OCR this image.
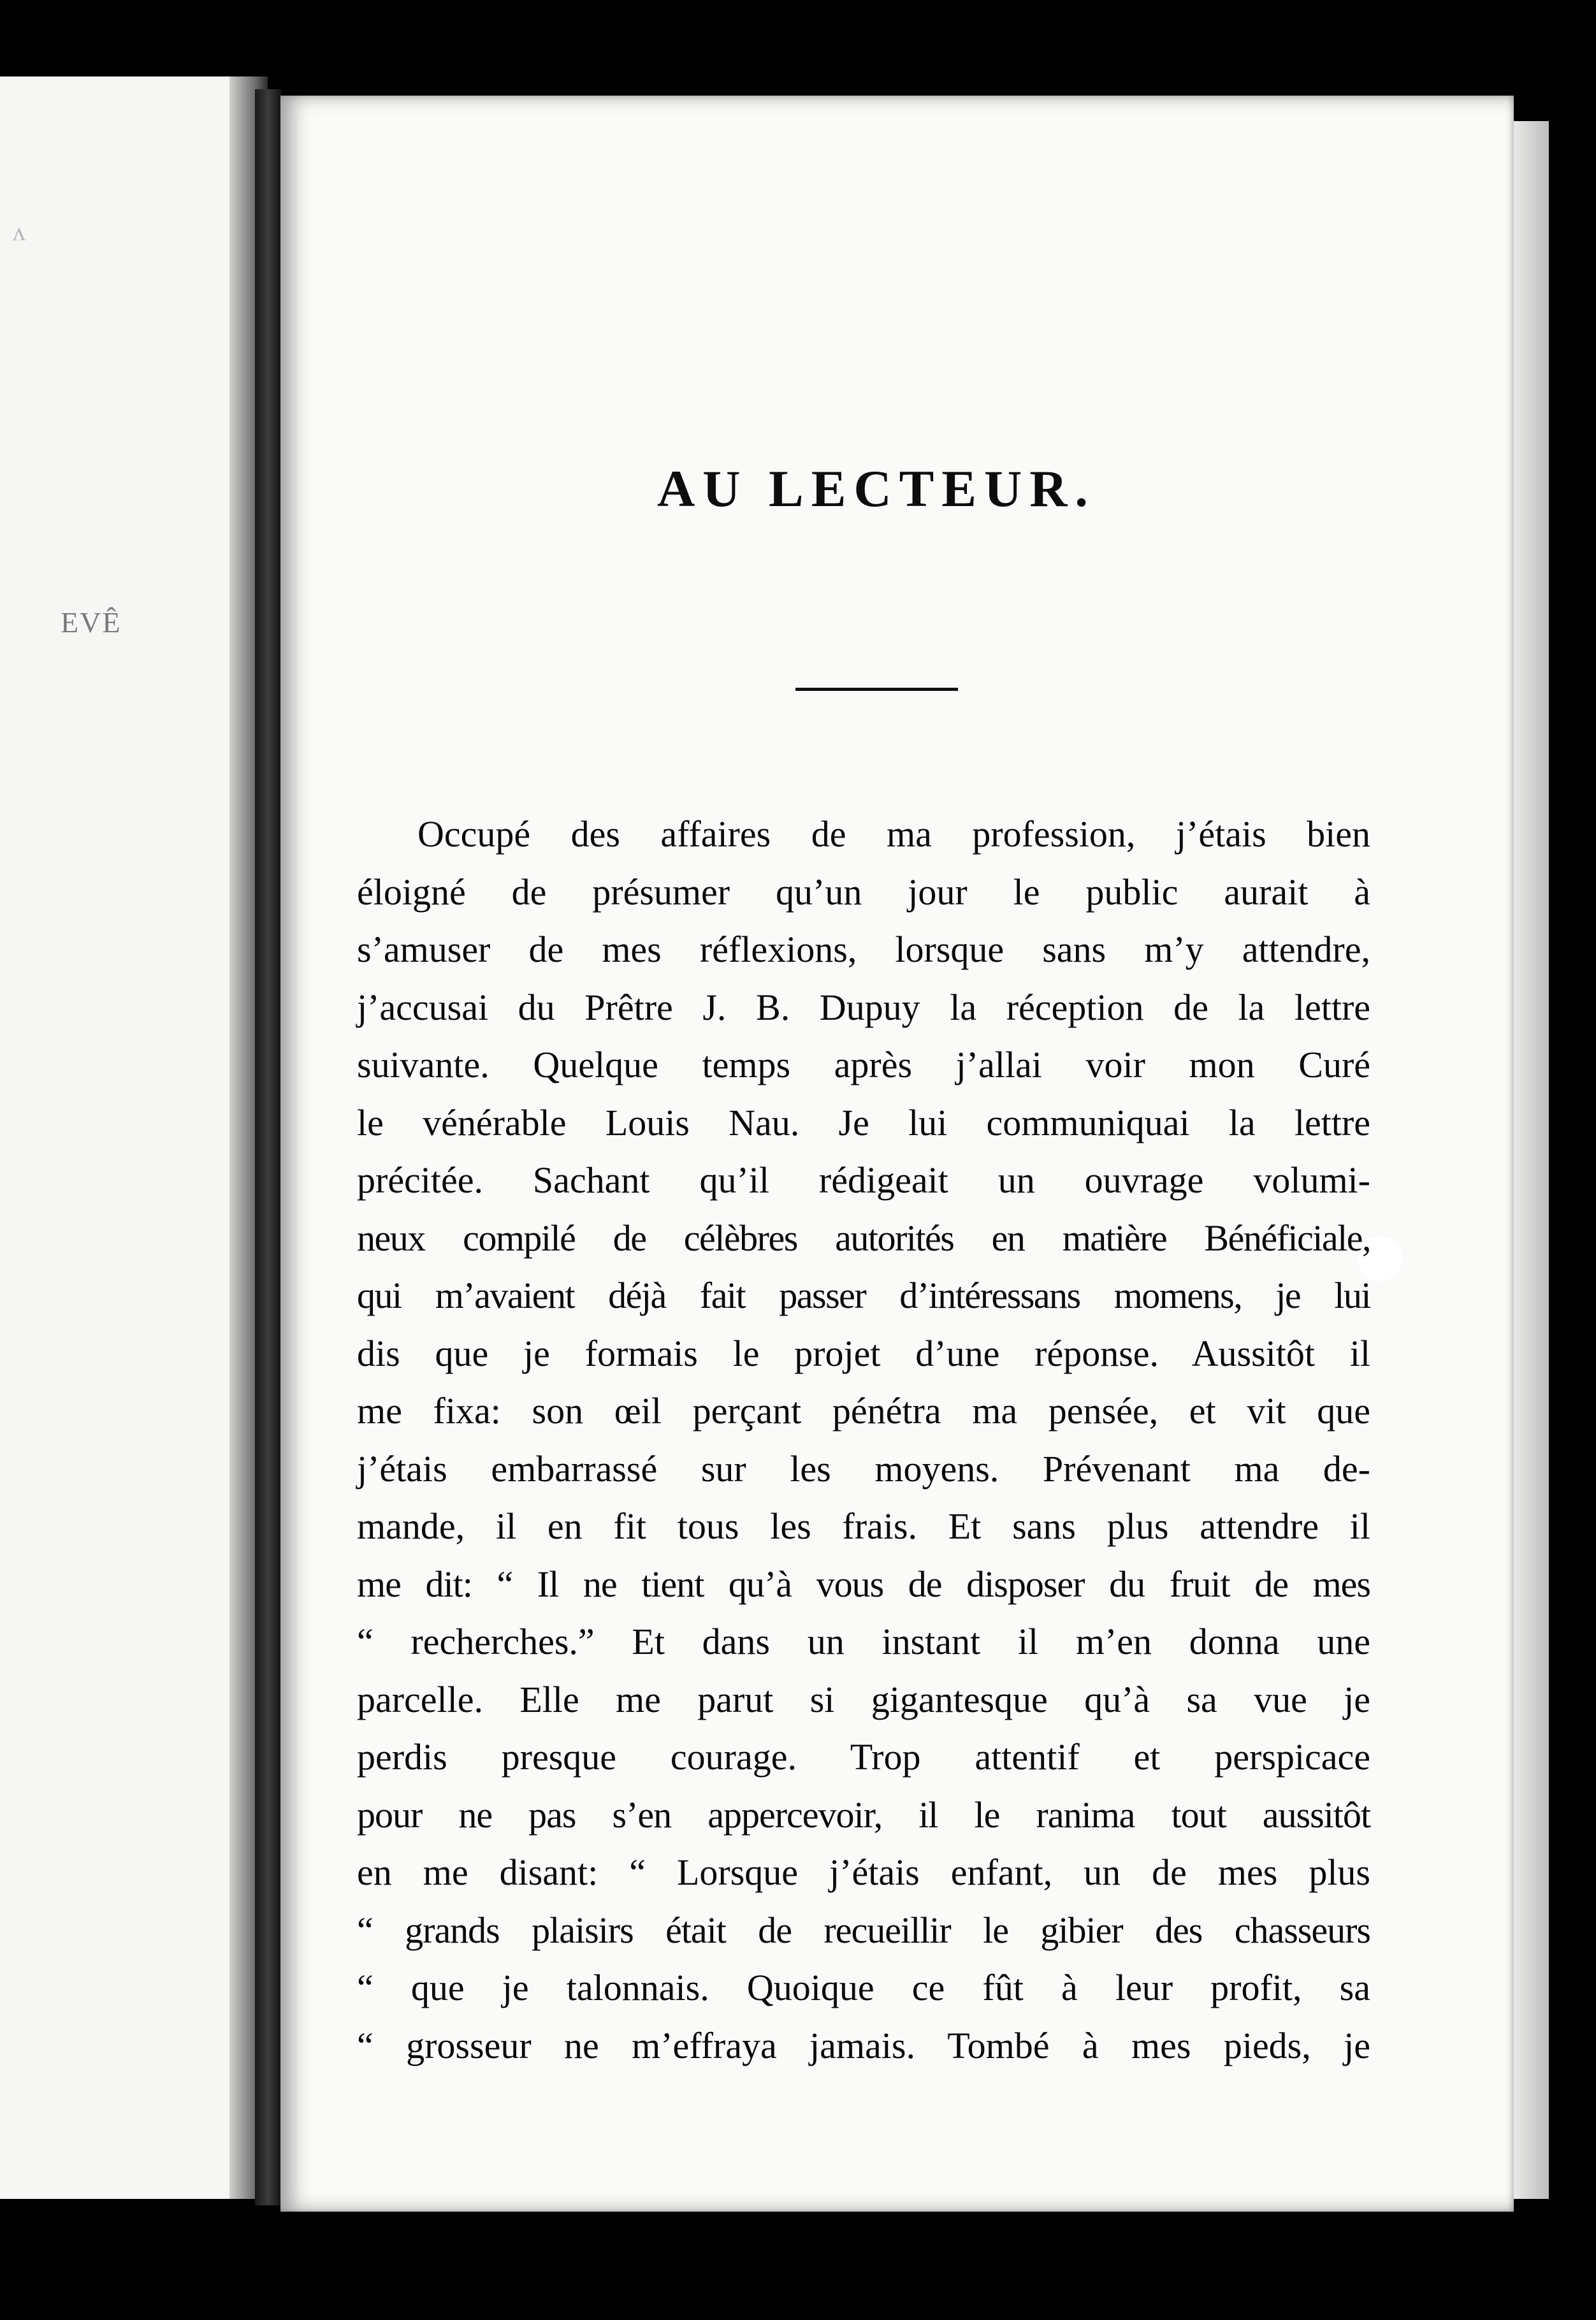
ʌ
EVÊ
AU LECTEUR.
Occupé des affaires de ma profession, j’étais bien
éloigné de présumer qu’un jour le public aurait à
s’amuser de mes réflexions, lorsque sans m’y attendre,
j’accusai du Prêtre J. B. Dupuy la réception de la lettre
suivante. Quelque temps après j’allai voir mon Curé
le vénérable Louis Nau. Je lui communiquai la lettre
précitée. Sachant qu’il rédigeait un ouvrage volumi-
neux compilé de célèbres autorités en matière Bénéficiale,
qui m’avaient déjà fait passer d’intéressans momens, je lui
dis que je formais le projet d’une réponse. Aussitôt il
me fixa: son œil perçant pénétra ma pensée, et vit que
j’étais embarrassé sur les moyens. Prévenant ma de-
mande, il en fit tous les frais. Et sans plus attendre il
me dit: “ Il ne tient qu’à vous de disposer du fruit de mes
“ recherches.” Et dans un instant il m’en donna une
parcelle. Elle me parut si gigantesque qu’à sa vue je
perdis presque courage. Trop attentif et perspicace
pour ne pas s’en appercevoir, il le ranima tout aussitôt
en me disant: “ Lorsque j’étais enfant, un de mes plus
“ grands plaisirs était de recueillir le gibier des chasseurs
“ que je talonnais. Quoique ce fût à leur profit, sa
“ grosseur ne m’effraya jamais. Tombé à mes pieds, je
